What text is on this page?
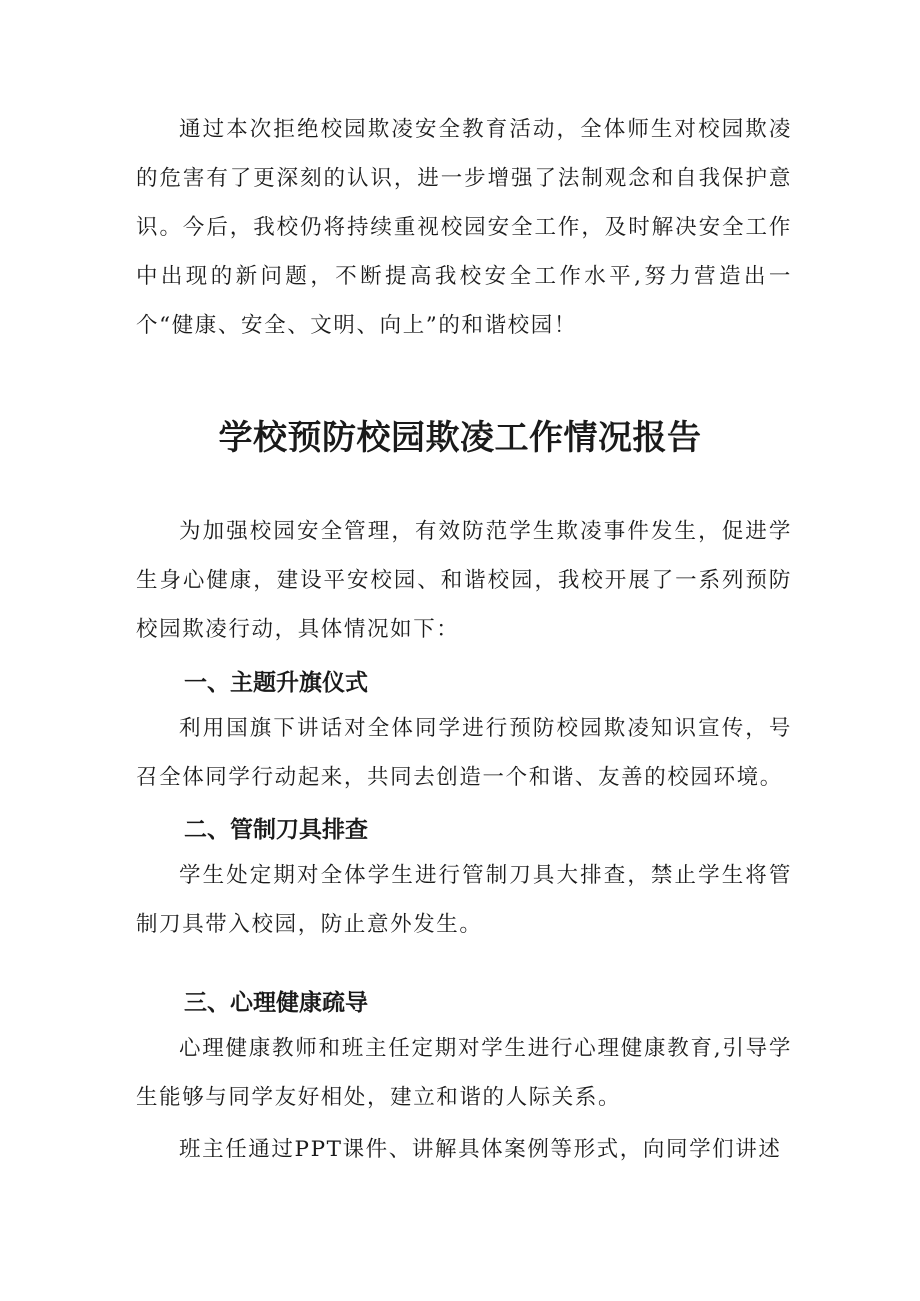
通过本次拒绝校园欺凌安全教育活动，全体师生对校园欺凌的危害有了更深刻的认识，进一步增强了法制观念和自我保护意识。今后，我校仍将持续重视校园安全工作，及时解决安全工作中出现的新问题，不断提高我校安全工作水平,努力营造出一个“健康、安全、文明、向上”的和谐校园！

学校预防校园欺凌工作情况报告

为加强校园安全管理，有效防范学生欺凌事件发生，促进学生身心健康，建设平安校园、和谐校园，我校开展了一系列预防校园欺凌行动，具体情况如下：

一、主题升旗仪式

利用国旗下讲话对全体同学进行预防校园欺凌知识宣传，号召全体同学行动起来，共同去创造一个和谐、友善的校园环境。

二、管制刀具排查

学生处定期对全体学生进行管制刀具大排查，禁止学生将管制刀具带入校园，防止意外发生。

三、心理健康疏导

心理健康教师和班主任定期对学生进行心理健康教育,引导学生能够与同学友好相处，建立和谐的人际关系。

班主任通过PPT课件、讲解具体案例等形式，向同学们讲述
